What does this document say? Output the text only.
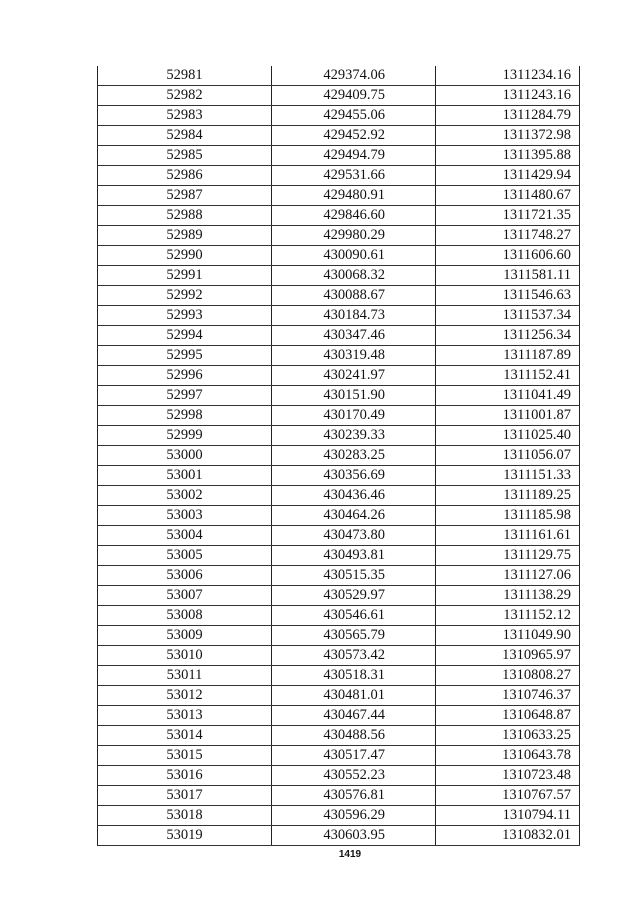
52981	429374.06	1311234.16
52982	429409.75	1311243.16
52983	429455.06	1311284.79
52984	429452.92	1311372.98
52985	429494.79	1311395.88
52986	429531.66	1311429.94
52987	429480.91	1311480.67
52988	429846.60	1311721.35
52989	429980.29	1311748.27
52990	430090.61	1311606.60
52991	430068.32	1311581.11
52992	430088.67	1311546.63
52993	430184.73	1311537.34
52994	430347.46	1311256.34
52995	430319.48	1311187.89
52996	430241.97	1311152.41
52997	430151.90	1311041.49
52998	430170.49	1311001.87
52999	430239.33	1311025.40
53000	430283.25	1311056.07
53001	430356.69	1311151.33
53002	430436.46	1311189.25
53003	430464.26	1311185.98
53004	430473.80	1311161.61
53005	430493.81	1311129.75
53006	430515.35	1311127.06
53007	430529.97	1311138.29
53008	430546.61	1311152.12
53009	430565.79	1311049.90
53010	430573.42	1310965.97
53011	430518.31	1310808.27
53012	430481.01	1310746.37
53013	430467.44	1310648.87
53014	430488.56	1310633.25
53015	430517.47	1310643.78
53016	430552.23	1310723.48
53017	430576.81	1310767.57
53018	430596.29	1310794.11
53019	430603.95	1310832.01
1419
